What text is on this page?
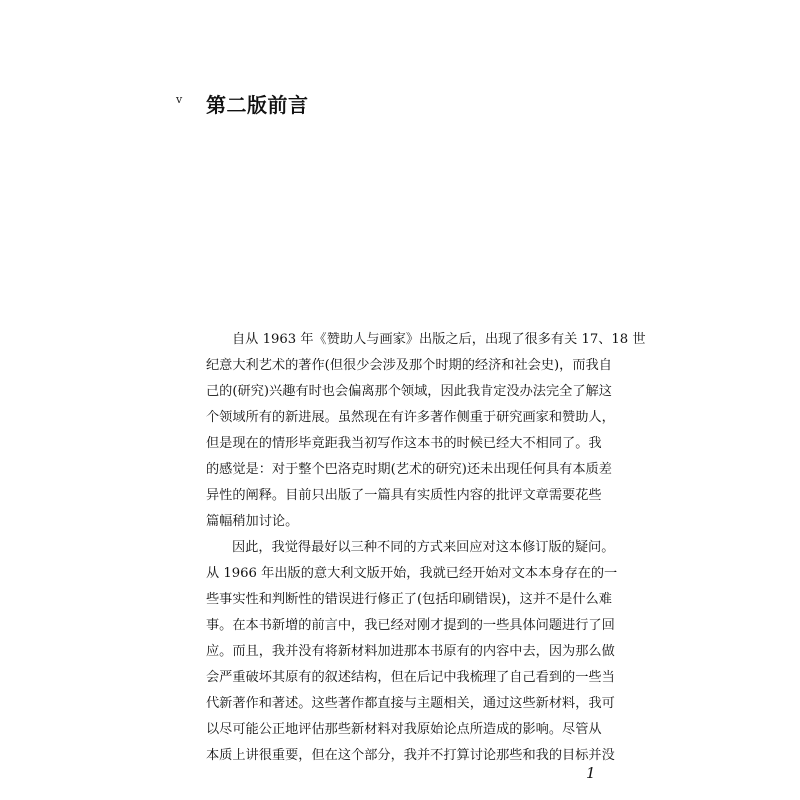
v 第二版前言
自从 1963 年《赞助人与画家》出版之后，出现了很多有关 17、18 世
纪意大利艺术的著作(但很少会涉及那个时期的经济和社会史)，而我自
己的(研究)兴趣有时也会偏离那个领域，因此我肯定没办法完全了解这
个领域所有的新进展。虽然现在有许多著作侧重于研究画家和赞助人，
但是现在的情形毕竟距我当初写作这本书的时候已经大不相同了。我
的感觉是：对于整个巴洛克时期(艺术的研究)还未出现任何具有本质差
异性的阐释。目前只出版了一篇具有实质性内容的批评文章需要花些
篇幅稍加讨论。
因此，我觉得最好以三种不同的方式来回应对这本修订版的疑问。
从 1966 年出版的意大利文版开始，我就已经开始对文本本身存在的一
些事实性和判断性的错误进行修正了(包括印刷错误)，这并不是什么难
事。在本书新增的前言中，我已经对刚才提到的一些具体问题进行了回
应。而且，我并没有将新材料加进那本书原有的内容中去，因为那么做
会严重破坏其原有的叙述结构，但在后记中我梳理了自己看到的一些当
代新著作和著述。这些著作都直接与主题相关，通过这些新材料，我可
以尽可能公正地评估那些新材料对我原始论点所造成的影响。尽管从
本质上讲很重要，但在这个部分，我并不打算讨论那些和我的目标并没
1
